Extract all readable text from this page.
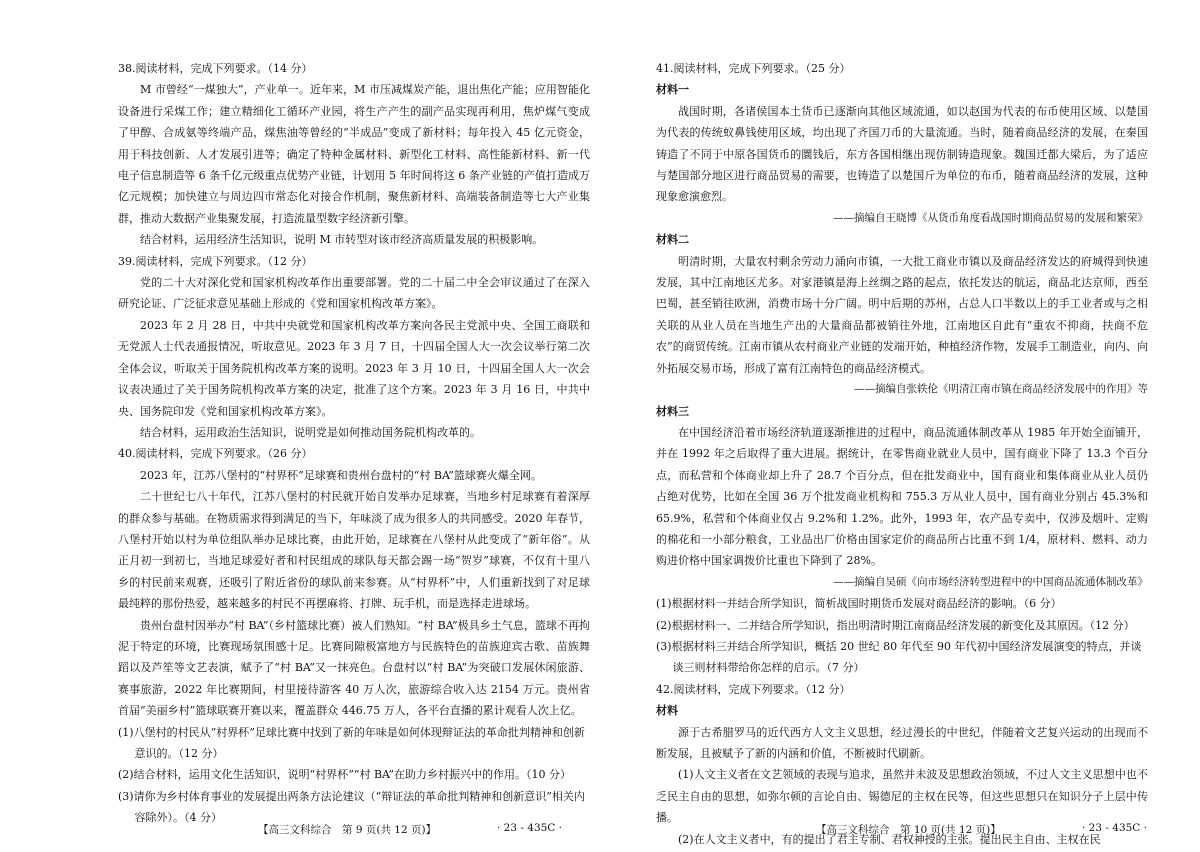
38.阅读材料，完成下列要求。（14 分）

M 市曾经“一煤独大”，产业单一。近年来，M 市压减煤炭产能，退出焦化产能；应用智能化设备进行采煤工作；建立精细化工循环产业园，将生产产生的副产品实现再利用，焦炉煤气变成了甲醇、合成氨等终端产品，煤焦油等曾经的“半成品”变成了新材料；每年投入 45 亿元资金，用于科技创新、人才发展引进等；确定了特种金属材料、新型化工材料、高性能新材料、新一代电子信息制造等 6 条千亿元级重点优势产业链，计划用 5 年时间将这 6 条产业链的产值打造成万亿元规模；加快建立与周边四市常态化对接合作机制，聚焦新材料、高端装备制造等七大产业集群，推动大数据产业集聚发展，打造流量型数字经济新引擎。

结合材料，运用经济生活知识，说明 M 市转型对该市经济高质量发展的积极影响。

39.阅读材料，完成下列要求。（12 分）

党的二十大对深化党和国家机构改革作出重要部署。党的二十届二中全会审议通过了在深入研究论证、广泛征求意见基础上形成的《党和国家机构改革方案》。

2023 年 2 月 28 日，中共中央就党和国家机构改革方案向各民主党派中央、全国工商联和无党派人士代表通报情况，听取意见。2023 年 3 月 7 日，十四届全国人大一次会议举行第二次全体会议，听取关于国务院机构改革方案的说明。2023 年 3 月 10 日，十四届全国人大一次会议表决通过了关于国务院机构改革方案的决定，批准了这个方案。2023 年 3 月 16 日，中共中央、国务院印发《党和国家机构改革方案》。

结合材料，运用政治生活知识，说明党是如何推动国务院机构改革的。

40.阅读材料，完成下列要求。（26 分）

2023 年，江苏八堡村的“村界杯”足球赛和贵州台盘村的“村 BA”篮球赛火爆全网。

二十世纪七八十年代，江苏八堡村的村民就开始自发举办足球赛，当地乡村足球赛有着深厚的群众参与基础。在物质需求得到满足的当下，年味淡了成为很多人的共同感受。2020 年春节，八堡村开始以村为单位组队举办足球比赛，由此开始，足球赛在八堡村从此变成了“新年俗”。从正月初一到初七，当地足球爱好者和村民组成的球队每天都会踢一场“贺岁”球赛，不仅有十里八乡的村民前来观赛，还吸引了附近省份的球队前来参赛。从“村界杯”中，人们重新找到了对足球最纯粹的那份热爱，越来越多的村民不再摆麻将、打牌、玩手机，而是选择走进球场。

贵州台盘村因举办“村 BA”（乡村篮球比赛）被人们熟知。“村 BA”极具乡土气息，篮球不再拘泥于特定的环境，比赛现场氛围感十足。比赛间隙极富地方与民族特色的苗族迎宾古歌、苗族舞蹈以及芦笙等文艺表演，赋予了“村 BA”又一抹亮色。台盘村以“村 BA”为突破口发展休闲旅游、赛事旅游，2022 年比赛期间，村里接待游客 40 万人次，旅游综合收入达 2154 万元。贵州省首届“美丽乡村”篮球联赛开赛以来，覆盖群众 446.75 万人，各平台直播的累计观看人次上亿。

(1)八堡村的村民从“村界杯”足球比赛中找到了新的年味是如何体现辩证法的革命批判精神和创新意识的。（12 分）

(2)结合材料，运用文化生活知识，说明“村界杯”“村 BA”在助力乡村振兴中的作用。（10 分）

(3)请你为乡村体育事业的发展提出两条方法论建议（“辩证法的革命批判精神和创新意识”相关内容除外）。（4 分）

【高三文科综合　第 9 页(共 12 页)】	· 23 - 435C ·

41.阅读材料，完成下列要求。（25 分）

材料一

战国时期，各诸侯国本土货币已逐渐向其他区域流通，如以赵国为代表的布币使用区域、以楚国为代表的传统蚁鼻钱使用区域，均出现了齐国刀币的大量流通。当时，随着商品经济的发展，在秦国铸造了不同于中原各国货币的圜钱后，东方各国相继出现仿制铸造现象。魏国迁都大梁后，为了适应与楚国部分地区进行商品贸易的需要，也铸造了以楚国斤为单位的布币，随着商品经济的发展，这种现象愈演愈烈。

——摘编自王晓博《从货币角度看战国时期商品贸易的发展和繁荣》

材料二

明清时期，大量农村剩余劳动力涌向市镇，一大批工商业市镇以及商品经济发达的府城得到快速发展，其中江南地区尤多。对家港镇是海上丝绸之路的起点，依托发达的航运，商品北达京师，西至巴蜀，甚至销往欧洲，消费市场十分广阔。明中后期的苏州，占总人口半数以上的手工业者或与之相关联的从业人员在当地生产出的大量商品都被销往外地，江南地区自此有“重农不抑商，扶商不危农”的商贸传统。江南市镇从农村商业产业链的发端开始，种植经济作物，发展手工制造业，向内、向外拓展交易市场，形成了富有江南特色的商品经济模式。

——摘编自张轶伦《明清江南市镇在商品经济发展中的作用》等

材料三

在中国经济沿着市场经济轨道逐渐推进的过程中，商品流通体制改革从 1985 年开始全面铺开，并在 1992 年之后取得了重大进展。据统计，在零售商业就业人员中，国有商业下降了 13.3 个百分点，而私营和个体商业却上升了 28.7 个百分点，但在批发商业中，国有商业和集体商业从业人员仍占绝对优势，比如在全国 36 万个批发商业机构和 755.3 万从业人员中，国有商业分别占 45.3%和 65.9%，私营和个体商业仅占 9.2%和 1.2%。此外，1993 年，农产品专卖中，仅涉及烟叶、定购的棉花和一小部分粮食，工业品出厂价格由国家定价的商品所占比重不到 1/4，原材料、燃料、动力购进价格中国家调拨价比重也下降到了 28%。

——摘编自吴硕《向市场经济转型进程中的中国商品流通体制改革》

(1)根据材料一并结合所学知识，简析战国时期货币发展对商品经济的影响。（6 分）

(2)根据材料一、二并结合所学知识，指出明清时期江南商品经济发展的新变化及其原因。（12 分）

(3)根据材料三并结合所学知识，概括 20 世纪 80 年代至 90 年代初中国经济发展演变的特点，并谈谈三则材料带给你怎样的启示。（7 分）

42.阅读材料，完成下列要求。（12 分）

材料

源于古希腊罗马的近代西方人文主义思想，经过漫长的中世纪，伴随着文艺复兴运动的出现而不断发展，且被赋予了新的内涵和价值，不断被时代刷新。

(1)人文主义者在文艺领域的表现与追求，虽然并未波及思想政治领域，不过人文主义思想中也不乏民主自由的思想，如弥尔顿的言论自由、锡德尼的主权在民等，但这些思想只在知识分子上层中传播。

(2)在人文主义者中，有的提出了君主专制、君权神授的主张。提出民主自由、主权在民

【高三文科综合　第 10 页(共 12 页)】	· 23 - 435C ·
